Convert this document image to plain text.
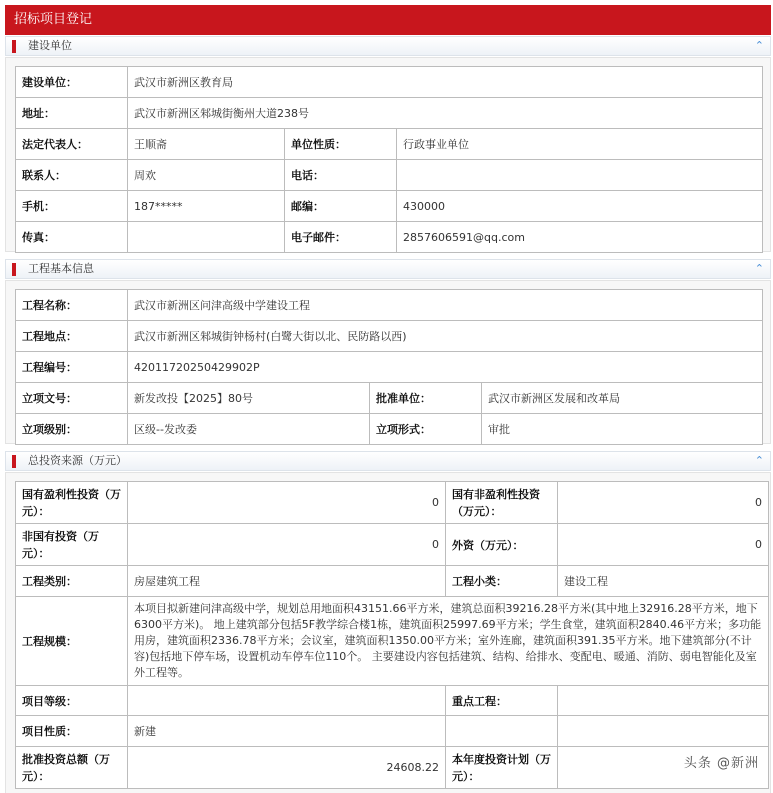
招标项目登记
建设单位	⌃
建设单位：	武汉市新洲区教育局		
地址：	武汉市新洲区邾城街衡州大道238号		
法定代表人：	王顺斋	单位性质：	行政事业单位
联系人：	周欢	电话：	
手机：	187*****	邮编：	430000
传真：		电子邮件：	2857606591@qq.com
工程基本信息	⌃
工程名称：	武汉市新洲区问津高级中学建设工程		
工程地点：	武汉市新洲区邾城街钟杨村(白鹭大街以北、民防路以西)		
工程编号：	42011720250429902P		
立项文号：	新发改投【2025】80号	批准单位：	武汉市新洲区发展和改革局
立项级别：	区级--发改委	立项形式：	审批
总投资来源（万元）	⌃
国有盈利性投资（万元）：	0	国有非盈利性投资（万元）：	0
非国有投资（万元）：	0	外资（万元）：	0
工程类别：	房屋建筑工程	工程小类：	建设工程
工程规模：	本项目拟新建问津高级中学，规划总用地面积43151.66平方米，建筑总面积39216.28平方米(其中地上32916.28平方米，地下6300平方米)。 地上建筑部分包括5F教学综合楼1栋，建筑面积25997.69平方米；学生食堂，建筑面积2840.46平方米；多功能用房，建筑面积2336.78平方米；会议室，建筑面积1350.00平方米；室外连廊，建筑面积391.35平方米。地下建筑部分(不计容)包括地下停车场，设置机动车停车位110个。 主要建设内容包括建筑、结构、给排水、变配电、暖通、消防、弱电智能化及室外工程等。		
项目等级：		重点工程：	
项目性质：	新建		
批准投资总额（万元）：	24608.22	本年度投资计划（万元）：	
头条 @新洲
